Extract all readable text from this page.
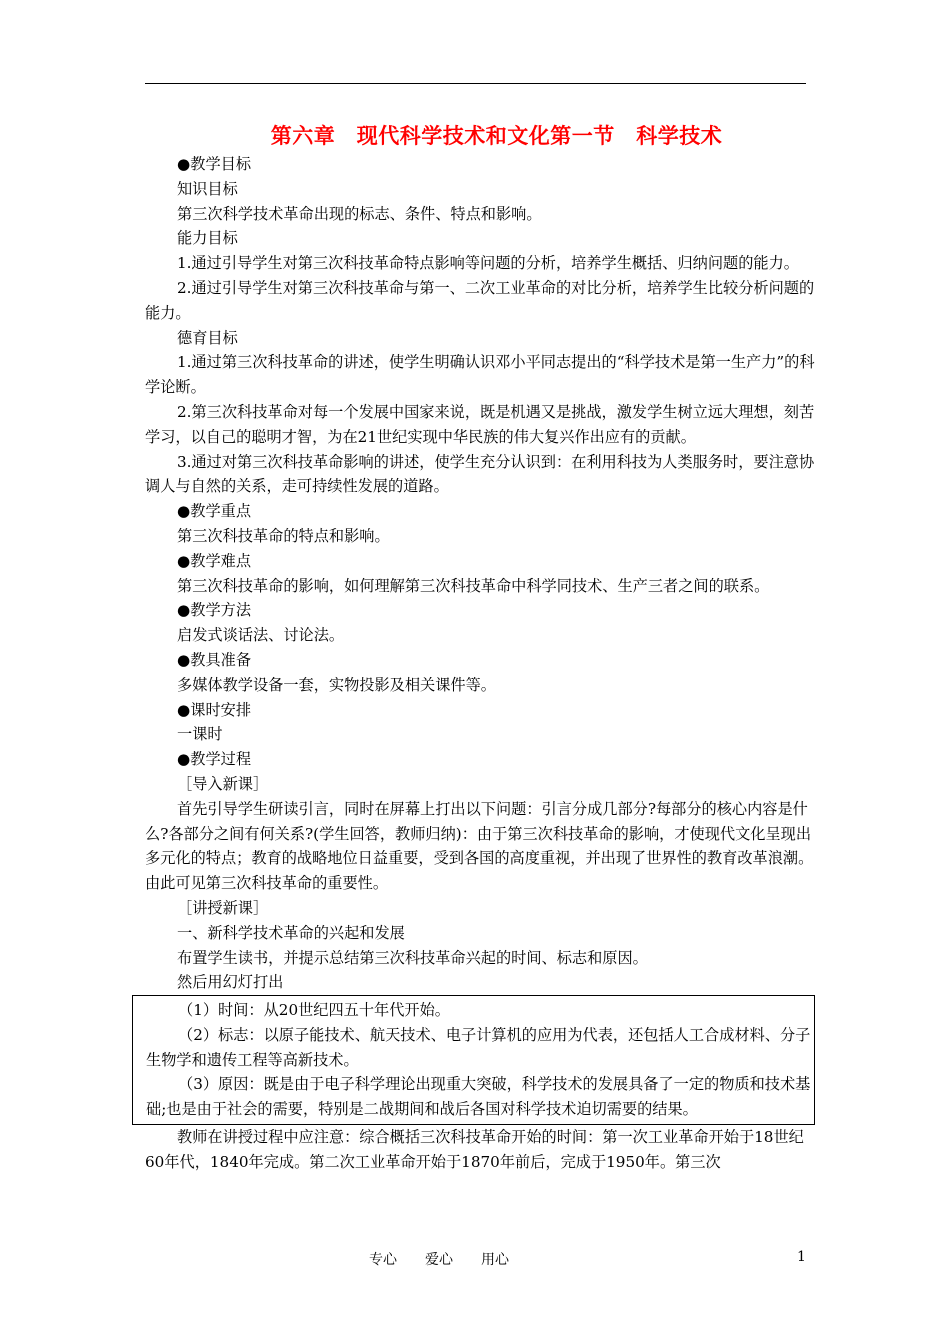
第六章　现代科学技术和文化第一节　科学技术

●教学目标

知识目标

第三次科学技术革命出现的标志、条件、特点和影响。

能力目标

1.通过引导学生对第三次科技革命特点影响等问题的分析，培养学生概括、归纳问题的能力。

2.通过引导学生对第三次科技革命与第一、二次工业革命的对比分析，培养学生比较分析问题的能力。

德育目标

1.通过第三次科技革命的讲述，使学生明确认识邓小平同志提出的“科学技术是第一生产力”的科学论断。

2.第三次科技革命对每一个发展中国家来说，既是机遇又是挑战，激发学生树立远大理想，刻苦学习，以自己的聪明才智，为在21世纪实现中华民族的伟大复兴作出应有的贡献。

3.通过对第三次科技革命影响的讲述，使学生充分认识到：在利用科技为人类服务时，要注意协调人与自然的关系，走可持续性发展的道路。

●教学重点

第三次科技革命的特点和影响。

●教学难点

第三次科技革命的影响，如何理解第三次科技革命中科学同技术、生产三者之间的联系。

●教学方法

启发式谈话法、讨论法。

●教具准备

多媒体教学设备一套，实物投影及相关课件等。

●课时安排

一课时

●教学过程

［导入新课］

首先引导学生研读引言，同时在屏幕上打出以下问题：引言分成几部分?每部分的核心内容是什么?各部分之间有何关系?(学生回答，教师归纳)：由于第三次科技革命的影响，才使现代文化呈现出多元化的特点；教育的战略地位日益重要，受到各国的高度重视，并出现了世界性的教育改革浪潮。由此可见第三次科技革命的重要性。

［讲授新课］

一、新科学技术革命的兴起和发展

布置学生读书，并提示总结第三次科技革命兴起的时间、标志和原因。

然后用幻灯打出

（1）时间：从20世纪四五十年代开始。

（2）标志：以原子能技术、航天技术、电子计算机的应用为代表，还包括人工合成材料、分子生物学和遗传工程等高新技术。

（3）原因：既是由于电子科学理论出现重大突破，科学技术的发展具备了一定的物质和技术基础;也是由于社会的需要，特别是二战期间和战后各国对科学技术迫切需要的结果。

教师在讲授过程中应注意：综合概括三次科技革命开始的时间：第一次工业革命开始于18世纪60年代，1840年完成。第二次工业革命开始于1870年前后，完成于1950年。第三次

专心　　爱心　　用心	1
